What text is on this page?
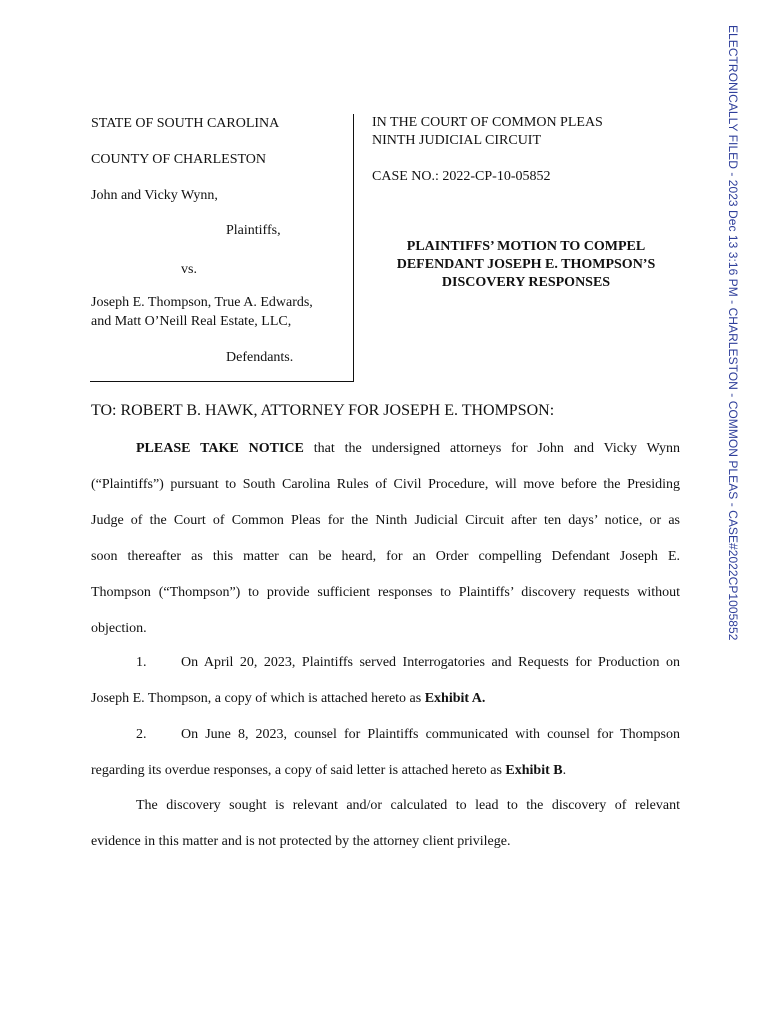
STATE OF SOUTH CAROLINA
COUNTY OF CHARLESTON
John and Vicky Wynn,
Plaintiffs,
vs.
Joseph E. Thompson, True A. Edwards,
and Matt O’Neill Real Estate, LLC,
Defendants.
IN THE COURT OF COMMON PLEAS
NINTH JUDICIAL CIRCUIT
CASE NO.: 2022-CP-10-05852
PLAINTIFFS’ MOTION TO COMPEL
DEFENDANT JOSEPH E. THOMPSON’S
DISCOVERY RESPONSES
TO: ROBERT B. HAWK, ATTORNEY FOR JOSEPH E. THOMPSON:
PLEASE TAKE NOTICE that the undersigned attorneys for John and Vicky Wynn
(“Plaintiffs”) pursuant to South Carolina Rules of Civil Procedure, will move before the Presiding
Judge of the Court of Common Pleas for the Ninth Judicial Circuit after ten days’ notice, or as
soon thereafter as this matter can be heard, for an Order compelling Defendant Joseph E.
Thompson (“Thompson”) to provide sufficient responses to Plaintiffs’ discovery requests without
objection.
1.	On April 20, 2023, Plaintiffs served Interrogatories and Requests for Production on
Joseph E. Thompson, a copy of which is attached hereto as Exhibit A.
2.	On June 8, 2023, counsel for Plaintiffs communicated with counsel for Thompson
regarding its overdue responses, a copy of said letter is attached hereto as Exhibit B.
The discovery sought is relevant and/or calculated to lead to the discovery of relevant
evidence in this matter and is not protected by the attorney client privilege.
ELECTRONICALLY FILED - 2023 Dec 13 3:16 PM - CHARLESTON - COMMON PLEAS - CASE#2022CP1005852
